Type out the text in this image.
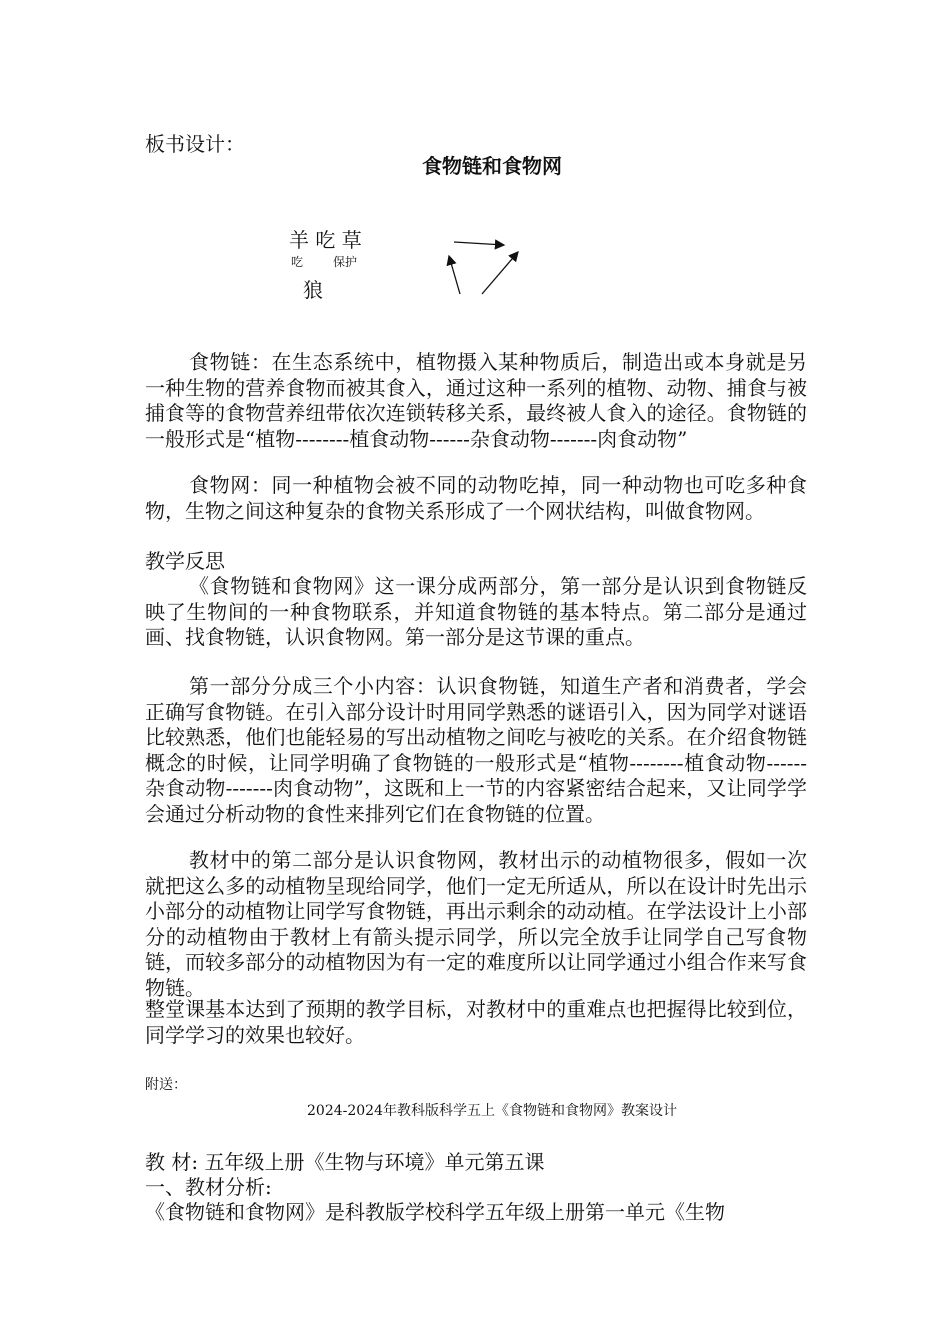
板书设计：
食物链和食物网
羊 吃 草
吃 保护
狼
食物链：在生态系统中，植物摄入某种物质后，制造出或本身就是另一种生物的营养食物而被其食入，通过这种一系列的植物、动物、捕食与被捕食等的食物营养纽带依次连锁转移关系，最终被人食入的途径。食物链的一般形式是“植物--------植食动物------杂食动物-------肉食动物”
食物网：同一种植物会被不同的动物吃掉，同一种动物也可吃多种食物，生物之间这种复杂的食物关系形成了一个网状结构，叫做食物网。
教学反思
《食物链和食物网》这一课分成两部分，第一部分是认识到食物链反映了生物间的一种食物联系，并知道食物链的基本特点。第二部分是通过画、找食物链，认识食物网。第一部分是这节课的重点。
第一部分分成三个小内容：认识食物链，知道生产者和消费者，学会正确写食物链。在引入部分设计时用同学熟悉的谜语引入，因为同学对谜语比较熟悉，他们也能轻易的写出动植物之间吃与被吃的关系。在介绍食物链概念的时候，让同学明确了食物链的一般形式是“植物--------植食动物------杂食动物-------肉食动物”，这既和上一节的内容紧密结合起来，又让同学学会通过分析动物的食性来排列它们在食物链的位置。
教材中的第二部分是认识食物网，教材出示的动植物很多，假如一次就把这么多的动植物呈现给同学，他们一定无所适从，所以在设计时先出示小部分的动植物让同学写食物链，再出示剩余的动动植。在学法设计上小部分的动植物由于教材上有箭头提示同学，所以完全放手让同学自己写食物链，而较多部分的动植物因为有一定的难度所以让同学通过小组合作来写食物链。
整堂课基本达到了预期的教学目标，对教材中的重难点也把握得比较到位，同学学习的效果也较好。
附送：
2024-2024年教科版科学五上《食物链和食物网》教案设计
教 材: 五年级上册《生物与环境》单元第五课
一、教材分析:
《食物链和食物网》是科教版学校科学五年级上册第一单元《生物
